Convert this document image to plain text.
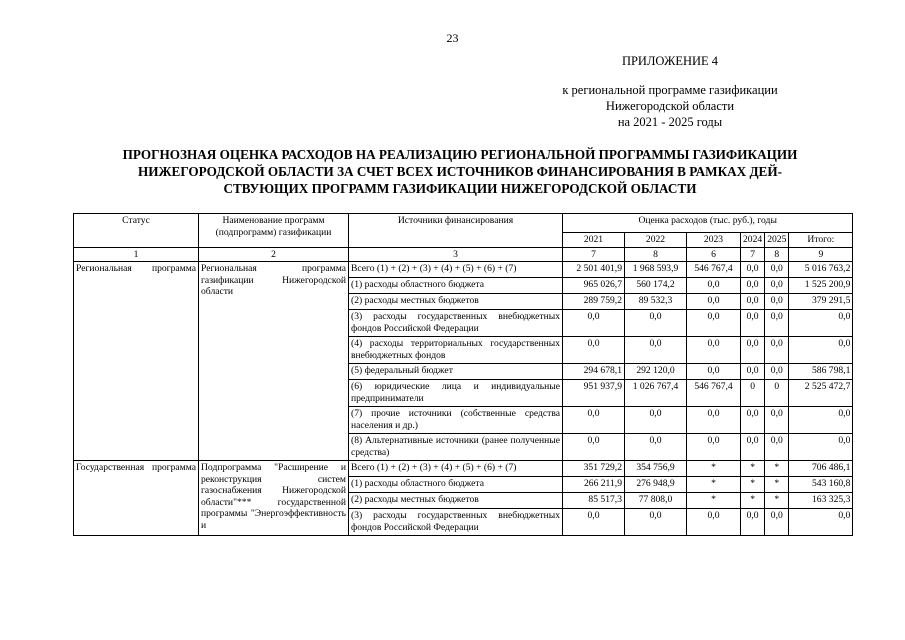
23
ПРИЛОЖЕНИЕ 4
к региональной программе газификации
Нижегородской области
на 2021 - 2025 годы
ПРОГНОЗНАЯ ОЦЕНКА РАСХОДОВ НА РЕАЛИЗАЦИЮ РЕГИОНАЛЬНОЙ ПРОГРАММЫ ГАЗИФИКАЦИИ
НИЖЕГОРОДСКОЙ ОБЛАСТИ ЗА СЧЕТ ВСЕХ ИСТОЧНИКОВ ФИНАНСИРОВАНИЯ В РАМКАХ ДЕЙ-
СТВУЮЩИХ ПРОГРАММ ГАЗИФИКАЦИИ НИЖЕГОРОДСКОЙ ОБЛАСТИ
Статус	Наименование программ (подпрограмм) газификации	Источники финансирования	Оценка расходов (тыс. руб.), годы					
			2021	2022	2023	2024	2025	Итого:
1	2	3	7	8	6	7	8	9
Региональная программа	Региональная программа газификации Нижегородской области	Всего (1) + (2) + (3) + (4) + (5) + (6) + (7)	2 501 401,9	1 968 593,9	546 767,4	0,0	0,0	5 016 763,2
		(1) расходы областного бюджета	965 026,7	560 174,2	0,0	0,0	0,0	1 525 200,9
		(2) расходы местных бюджетов	289 759,2	89 532,3	0,0	0,0	0,0	379 291,5
		(3) расходы государственных внебюджетных фондов Российской Федерации	0,0	0,0	0,0	0,0	0,0	0,0
		(4) расходы территориальных государственных внебюджетных фондов	0,0	0,0	0,0	0,0	0,0	0,0
		(5) федеральный бюджет	294 678,1	292 120,0	0,0	0,0	0,0	586 798,1
		(6) юридические лица и индивидуальные предприниматели	951 937,9	1 026 767,4	546 767,4	0	0	2 525 472,7
		(7) прочие источники (собственные средства населения и др.)	0,0	0,0	0,0	0,0	0,0	0,0
		(8) Альтернативные источники (ранее полученные средства)	0,0	0,0	0,0	0,0	0,0	0,0
Государственная программа	Подпрограмма "Расширение и реконструкция систем газоснабжения Нижегородской области"*** государственной программы "Энергоэффективность и	Всего (1) + (2) + (3) + (4) + (5) + (6) + (7)	351 729,2	354 756,9	*	*	*	706 486,1
		(1) расходы областного бюджета	266 211,9	276 948,9	*	*	*	543 160,8
		(2) расходы местных бюджетов	85 517,3	77 808,0	*	*	*	163 325,3
		(3) расходы государственных внебюджетных фондов Российской Федерации	0,0	0,0	0,0	0,0	0,0	0,0
